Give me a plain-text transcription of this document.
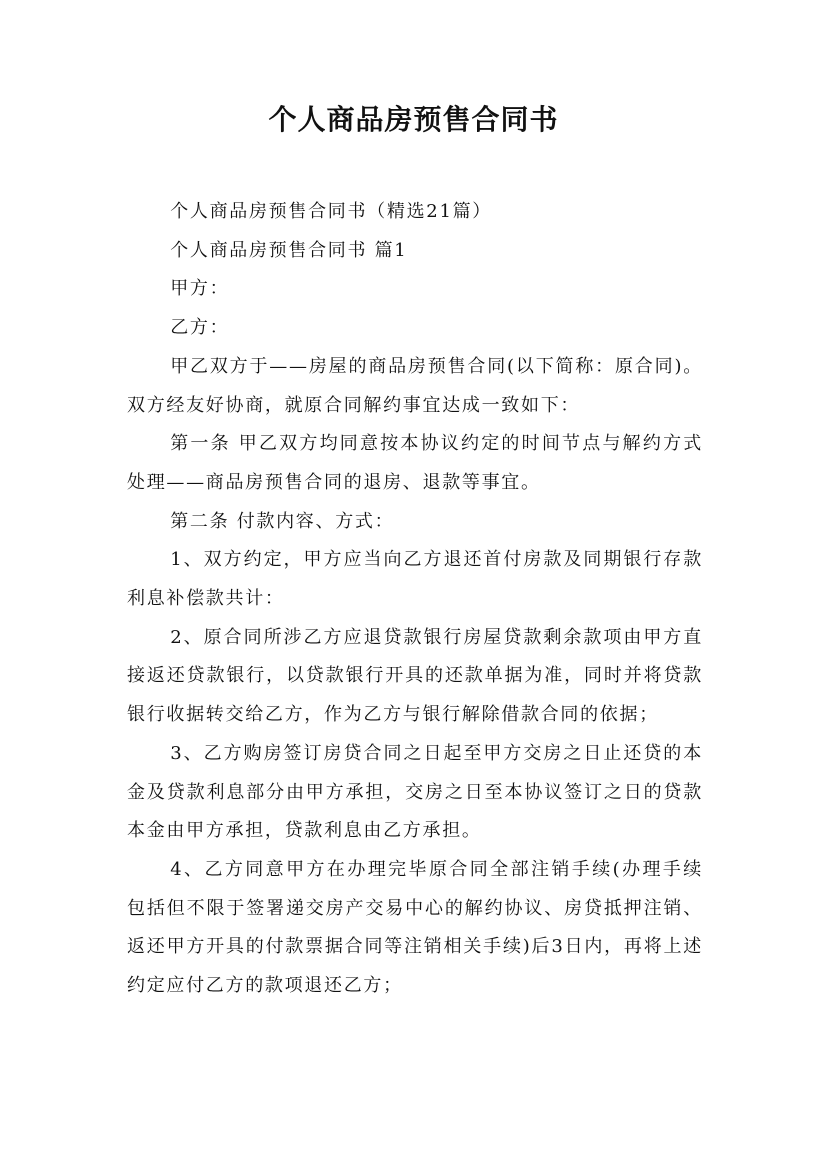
个人商品房预售合同书

个人商品房预售合同书（精选21篇）

个人商品房预售合同书 篇1

甲方：

乙方：

甲乙双方于——房屋的商品房预售合同(以下简称：原合同)。双方经友好协商，就原合同解约事宜达成一致如下：

第一条 甲乙双方均同意按本协议约定的时间节点与解约方式处理——商品房预售合同的退房、退款等事宜。

第二条 付款内容、方式：

1、双方约定，甲方应当向乙方退还首付房款及同期银行存款利息补偿款共计：

2、原合同所涉乙方应退贷款银行房屋贷款剩余款项由甲方直接返还贷款银行，以贷款银行开具的还款单据为准，同时并将贷款银行收据转交给乙方，作为乙方与银行解除借款合同的依据；

3、乙方购房签订房贷合同之日起至甲方交房之日止还贷的本金及贷款利息部分由甲方承担，交房之日至本协议签订之日的贷款本金由甲方承担，贷款利息由乙方承担。

4、乙方同意甲方在办理完毕原合同全部注销手续(办理手续包括但不限于签署递交房产交易中心的解约协议、房贷抵押注销、返还甲方开具的付款票据合同等注销相关手续)后3日内，再将上述约定应付乙方的款项退还乙方；
